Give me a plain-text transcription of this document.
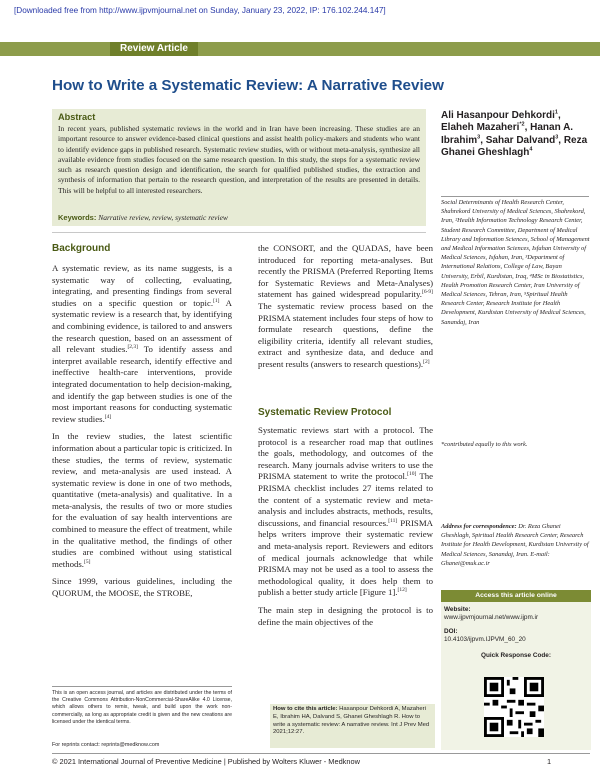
[Downloaded free from http://www.ijpvmjournal.net on Sunday, January 23, 2022, IP: 176.102.244.147]
Review Article
How to Write a Systematic Review: A Narrative Review
Abstract
In recent years, published systematic reviews in the world and in Iran have been increasing. These studies are an important resource to answer evidence-based clinical questions and assist health policy-makers and students who want to identify evidence gaps in published research. Systematic review studies, with or without meta-analysis, synthesize all available evidence from studies focused on the same research question. In this study, the steps for a systematic review such as research question design and identification, the search for qualified published studies, the extraction and synthesis of information that pertain to the research question, and interpretation of the results are presented in details. This will be helpful to all interested researchers.
Keywords: Narrative review, review, systematic review
Background

A systematic review, as its name suggests, is a systematic way of collecting, evaluating, integrating, and presenting findings from several studies on a specific question or topic.[1] A systematic review is a research that, by identifying and combining evidence, is tailored to and answers the research question, based on an assessment of all relevant studies.[2,3] To identify assess and interpret available research, identify effective and ineffective health-care interventions, provide integrated documentation to help decision-making, and identify the gap between studies is one of the most important reasons for conducting systematic review studies.[4]

In the review studies, the latest scientific information about a particular topic is criticized. In these studies, the terms of review, systematic review, and meta-analysis are used instead. A systematic review is done in one of two methods, quantitative (meta-analysis) and qualitative. In a meta-analysis, the results of two or more studies for the evaluation of say health interventions are combined to measure the effect of treatment, while in the qualitative method, the findings of other studies are combined without using statistical methods.[5]

Since 1999, various guidelines, including the QUORUM, the MOOSE, the STROBE,

This is an open access journal, and articles are distributed under the terms of the Creative Commons Attribution-NonCommercial-ShareAlike 4.0 License, which allows others to remix, tweak, and build upon the work non-commercially, as long as appropriate credit is given and the new creations are licensed under the identical terms.
For reprints contact: reprints@medknow.com

the CONSORT, and the QUADAS, have been introduced for reporting meta-analyses. But recently the PRISMA (Preferred Reporting Items for Systematic Reviews and Meta-Analyses) statement has gained widespread popularity.[6-9] The systematic review process based on the PRISMA statement includes four steps of how to formulate research questions, define the eligibility criteria, identify all relevant studies, extract and synthesize data, and deduce and present results (answers to research questions).[2]

Systematic Review Protocol

Systematic reviews start with a protocol. The protocol is a researcher road map that outlines the goals, methodology, and outcomes of the research. Many journals advise writers to use the PRISMA statement to write the protocol.[10] The PRISMA checklist includes 27 items related to the content of a systematic review and meta-analysis and includes abstracts, methods, results, discussions, and financial resources.[11] PRISMA helps writers improve their systematic review and meta-analysis report. Reviewers and editors of medical journals acknowledge that while PRISMA may not be used as a tool to assess the methodological quality, it does help them to publish a better study article [Figure 1].[12]

The main step in designing the protocol is to define the main objectives of the

How to cite this article: Hasanpour Dehkordi A, Mazaheri E, Ibrahim HA, Dalvand S, Ghanei Gheshlagh R. How to write a systematic review: A narrative review. Int J Prev Med 2021;12:27.
Ali Hasanpour Dehkordi$^1$, Elaheh Mazaheri$^{*2}$, Hanan A. Ibrahim$^3$, Sahar Dalvand$^3$, Reza Ghanei Gheshlagh$^4$
Social Determinants of Health Research Center, Shahrekord University of Medical Sciences, Shahrekord, Iran, ²Health Information Technology Research Center, Student Research Committee, Department of Medical Library and Information Sciences, School of Management and Medical Information Sciences, Isfahan University of Medical Sciences, Isfahan, Iran, ³Department of International Relations, College of Law, Bayan University, Erbil, Kurdistan, Iraq, ⁴MSc in Biostatistics, Health Promotion Research Center, Iran University of Medical Sciences, Tehran, Iran, ⁵Spiritual Health Research Center, Research Institute for Health Development, Kurdistan University of Medical Sciences, Sanandaj, Iran
*contributed equally to this work.
Address for correspondence: Dr. Reza Ghanei Gheshlagh, Spiritual Health Research Center, Research Institute for Health Development, Kurdistan University of Medical Sciences, Sanandaj, Iran. E-mail: Ghanei@muk.ac.ir
Access this article online
Website:
www.ijpvmjournal.net/www.ijpm.ir
DOI:
10.4103/ijpvm.IJPVM_60_20
Quick Response Code:
© 2021 International Journal of Preventive Medicine | Published by Wolters Kluwer - Medknow	1
